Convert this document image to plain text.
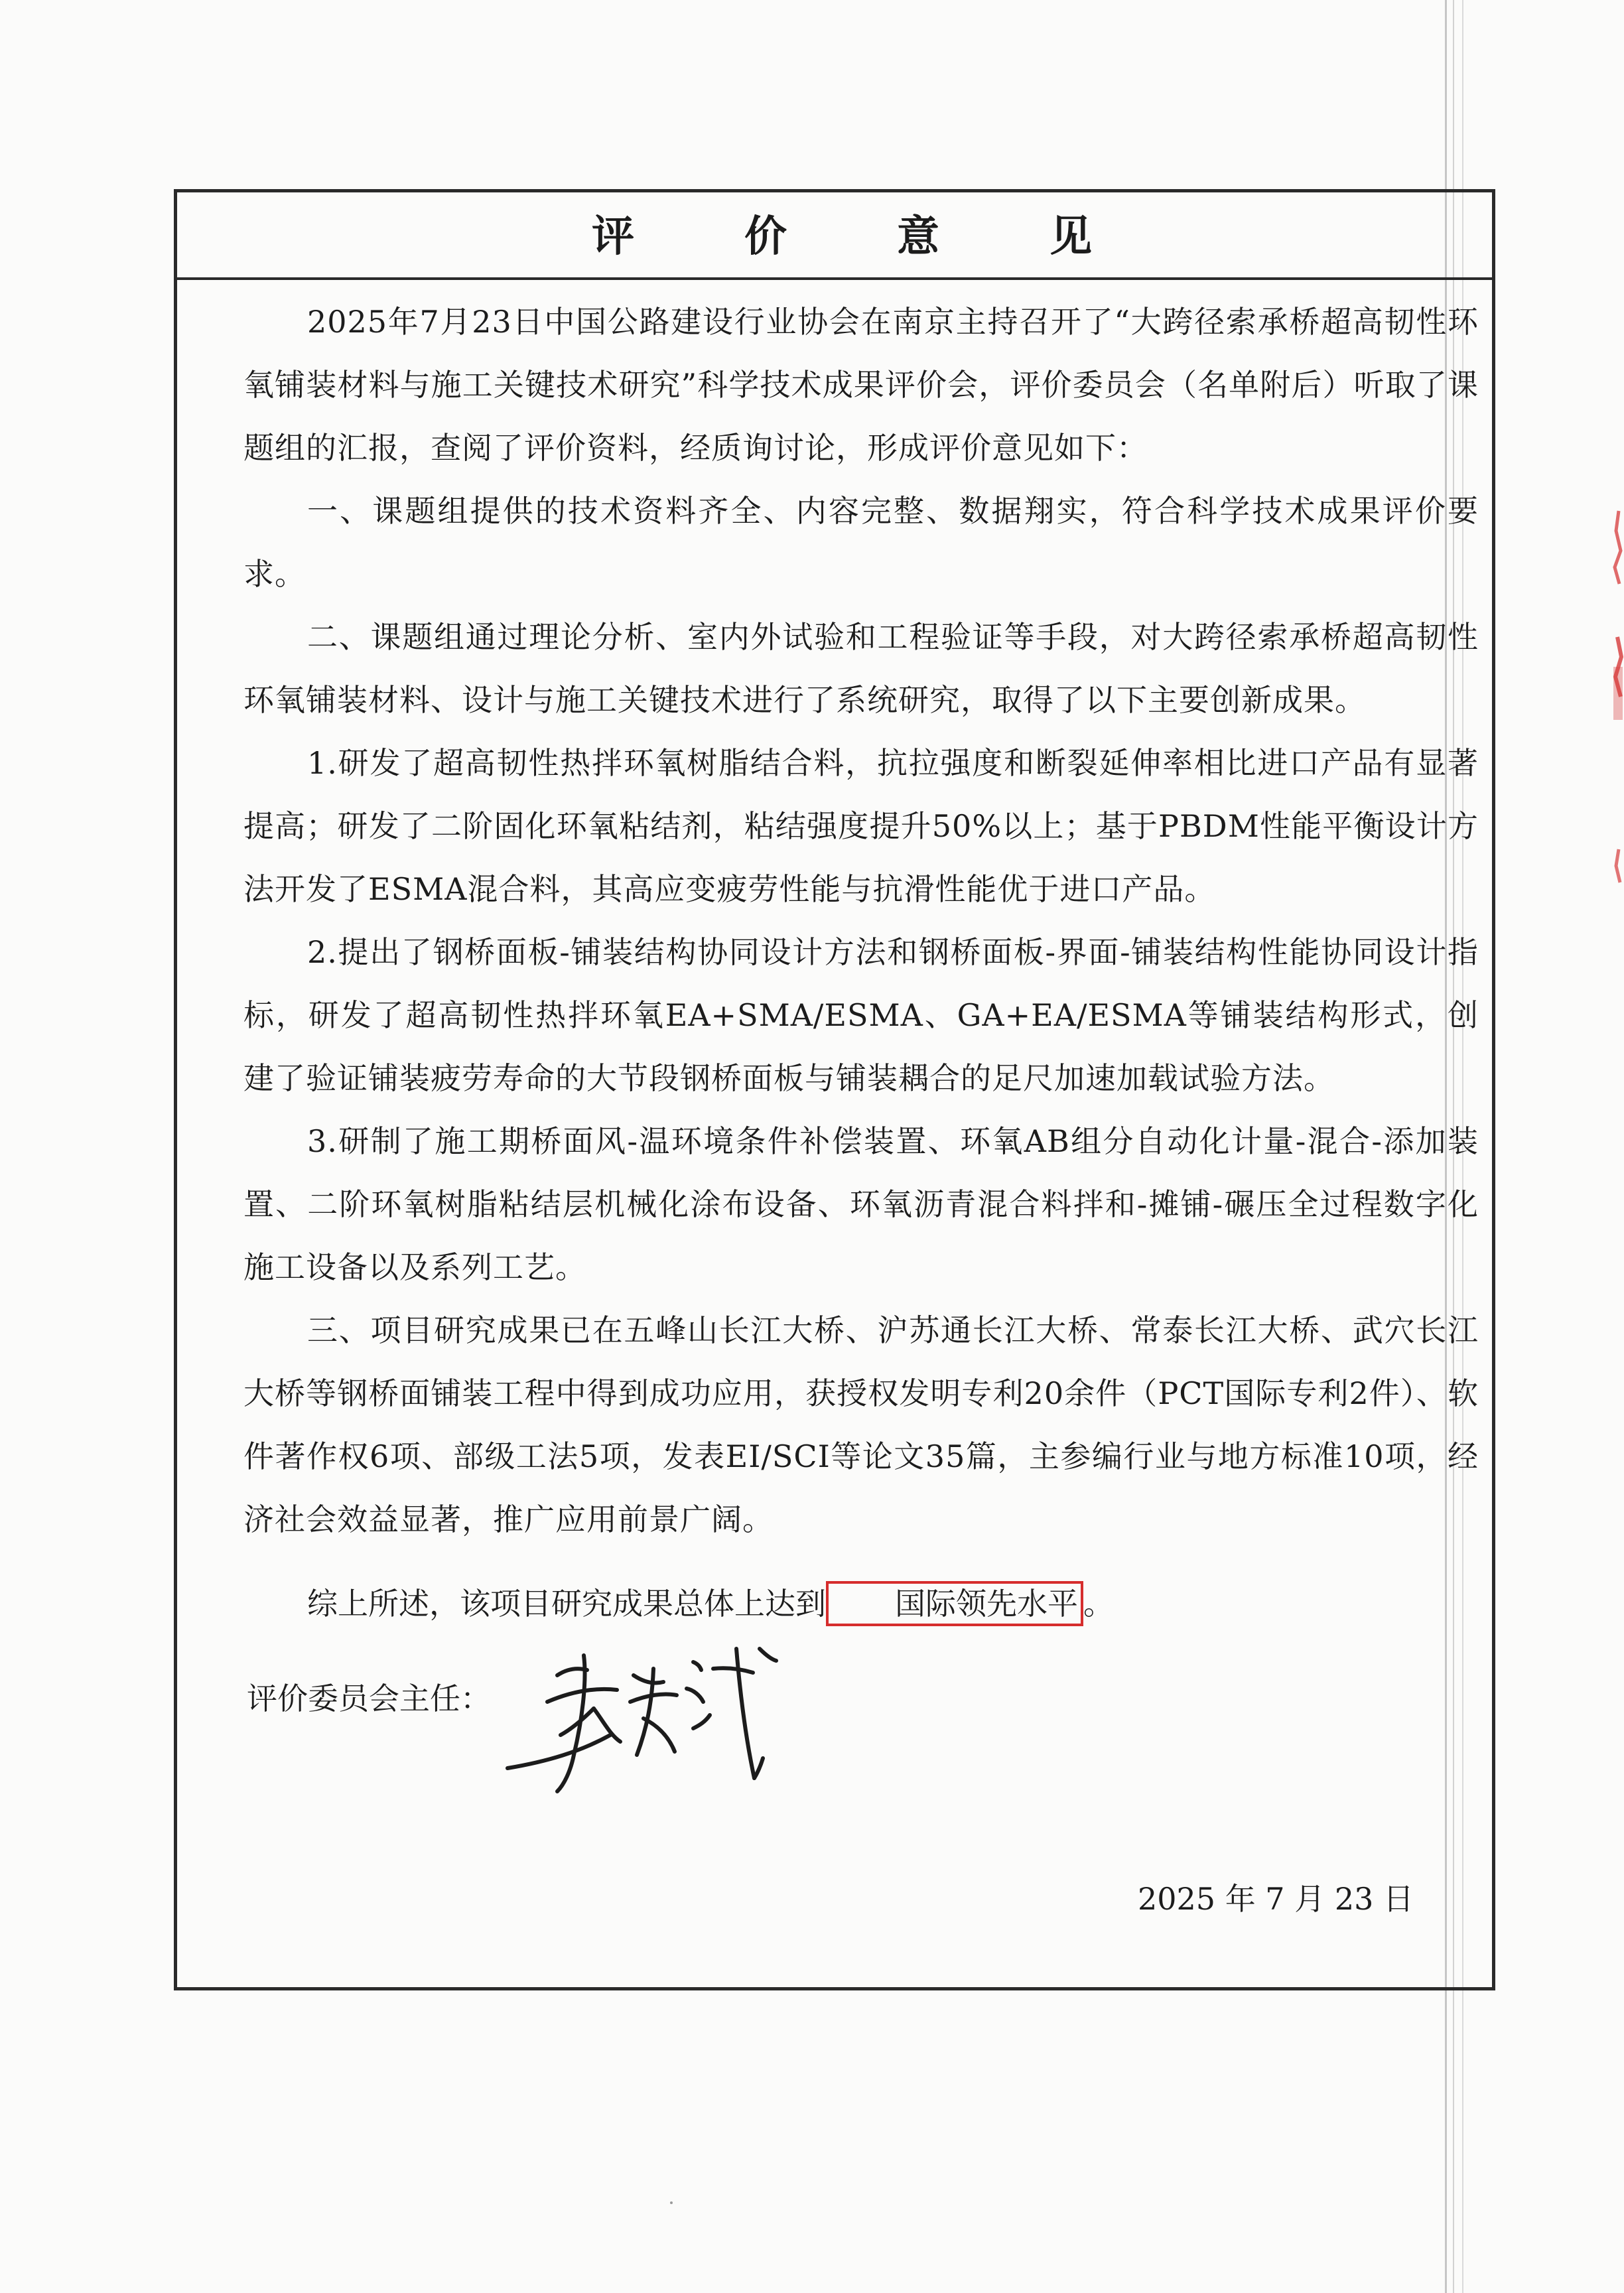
评	价	意	见

2025年7月23日中国公路建设行业协会在南京主持召开了“大跨径索承桥超高韧性环氧铺装材料与施工关键技术研究”科学技术成果评价会，评价委员会（名单附后）听取了课题组的汇报，查阅了评价资料，经质询讨论，形成评价意见如下：

一、课题组提供的技术资料齐全、内容完整、数据翔实，符合科学技术成果评价要求。

二、课题组通过理论分析、室内外试验和工程验证等手段，对大跨径索承桥超高韧性环氧铺装材料、设计与施工关键技术进行了系统研究，取得了以下主要创新成果。

1.研发了超高韧性热拌环氧树脂结合料，抗拉强度和断裂延伸率相比进口产品有显著提高；研发了二阶固化环氧粘结剂，粘结强度提升50%以上；基于PBDM性能平衡设计方法开发了ESMA混合料，其高应变疲劳性能与抗滑性能优于进口产品。

2.提出了钢桥面板-铺装结构协同设计方法和钢桥面板-界面-铺装结构性能协同设计指标，研发了超高韧性热拌环氧EA+SMA/ESMA、GA+EA/ESMA等铺装结构形式，创建了验证铺装疲劳寿命的大节段钢桥面板与铺装耦合的足尺加速加载试验方法。

3.研制了施工期桥面风-温环境条件补偿装置、环氧AB组分自动化计量-混合-添加装置、二阶环氧树脂粘结层机械化涂布设备、环氧沥青混合料拌和-摊铺-碾压全过程数字化施工设备以及系列工艺。

三、项目研究成果已在五峰山长江大桥、沪苏通长江大桥、常泰长江大桥、武穴长江大桥等钢桥面铺装工程中得到成功应用，获授权发明专利20余件（PCT国际专利2件）、软件著作权6项、部级工法5项，发表EI/SCI等论文35篇，主参编行业与地方标准10项，经济社会效益显著，推广应用前景广阔。

综上所述，该项目研究成果总体上达到 国际领先水平 。
评价委员会主任：
2025 年 7 月 23 日
